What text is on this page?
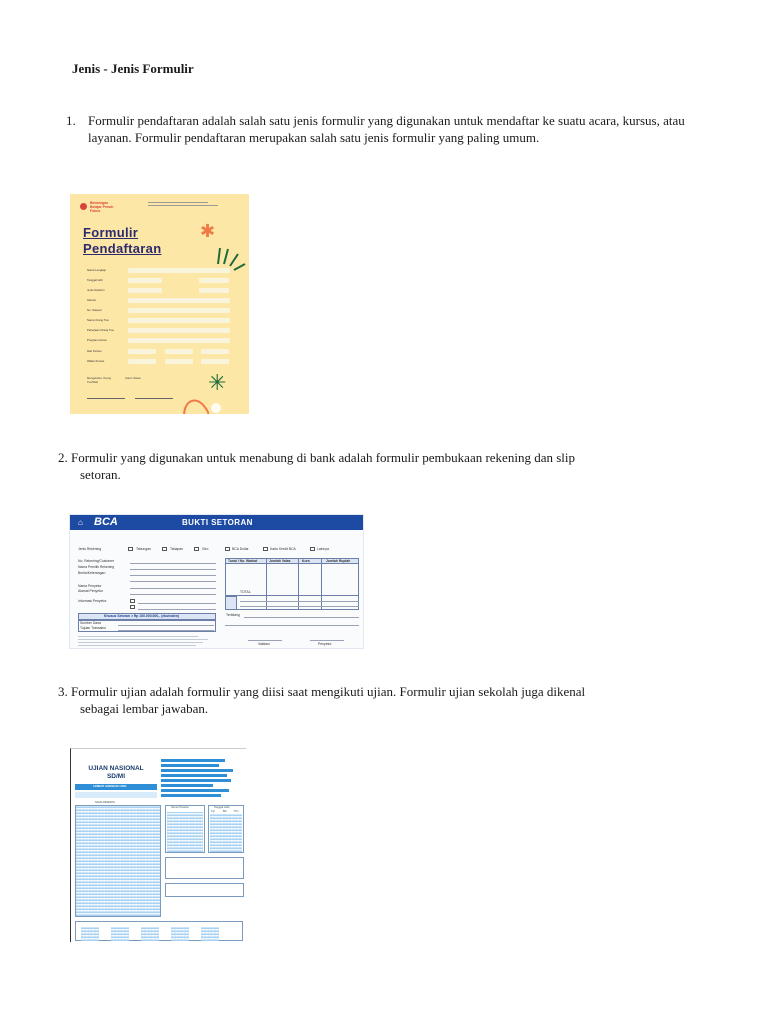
Jenis - Jenis Formulir
1. Formulir pendaftaran adalah salah satu jenis formulir yang digunakan untuk mendaftar ke suatu acara, kursus, atau layanan. Formulir pendaftaran merupakan salah satu jenis formulir yang paling umum.
Bimbingan Belajar Penuh Fokus
Formulir
Pendaftaran
✱
Nama Lengkap
Tanggal lahir
Jenis Kelamin
Alamat
No. Telepon
Nama Orang Tua
Pekerjaan Orang Tua
Program kursus
Hari Kursus
Waktu Kursus
Mengetahui, Orang Tua/Wali
Calon Siswa	✳
2. Formulir yang digunakan untuk menabung di bank adalah formulir pembukaan rekening dan slip
setoran.
⌂ BCA	BUKTI SETORAN
Jenis Rekening	Tabungan	Tahapan	Giro	BCA Dollar	Kartu Kredit BCA	Lainnya
No. Rekening/Customer
Nama Pemilik Rekening
Berita/Keterangan
Nama Penyetor
Alamat Penyetor
Informasi Penyetor
Khusus Setoran > Rp 100.000.000,- (ekuivalen)
Sumber Dana
Tujuan Transaksi
Tunai / No. Warkat	Jumlah Valas	Kurs	Jumlah Rupiah
TOTAL
Terbilang
Validasi	Penyetor
3. Formulir ujian adalah formulir yang diisi saat mengikuti ujian. Formulir ujian sekolah juga dikenal
sebagai lembar jawaban.
UJIAN NASIONAL
SD/MI
LEMBAR JAWABAN UJIAN
NAMA PESERTA
Nomor Peserta	Tanggal Lahir
Tgl	Bln	Thn
